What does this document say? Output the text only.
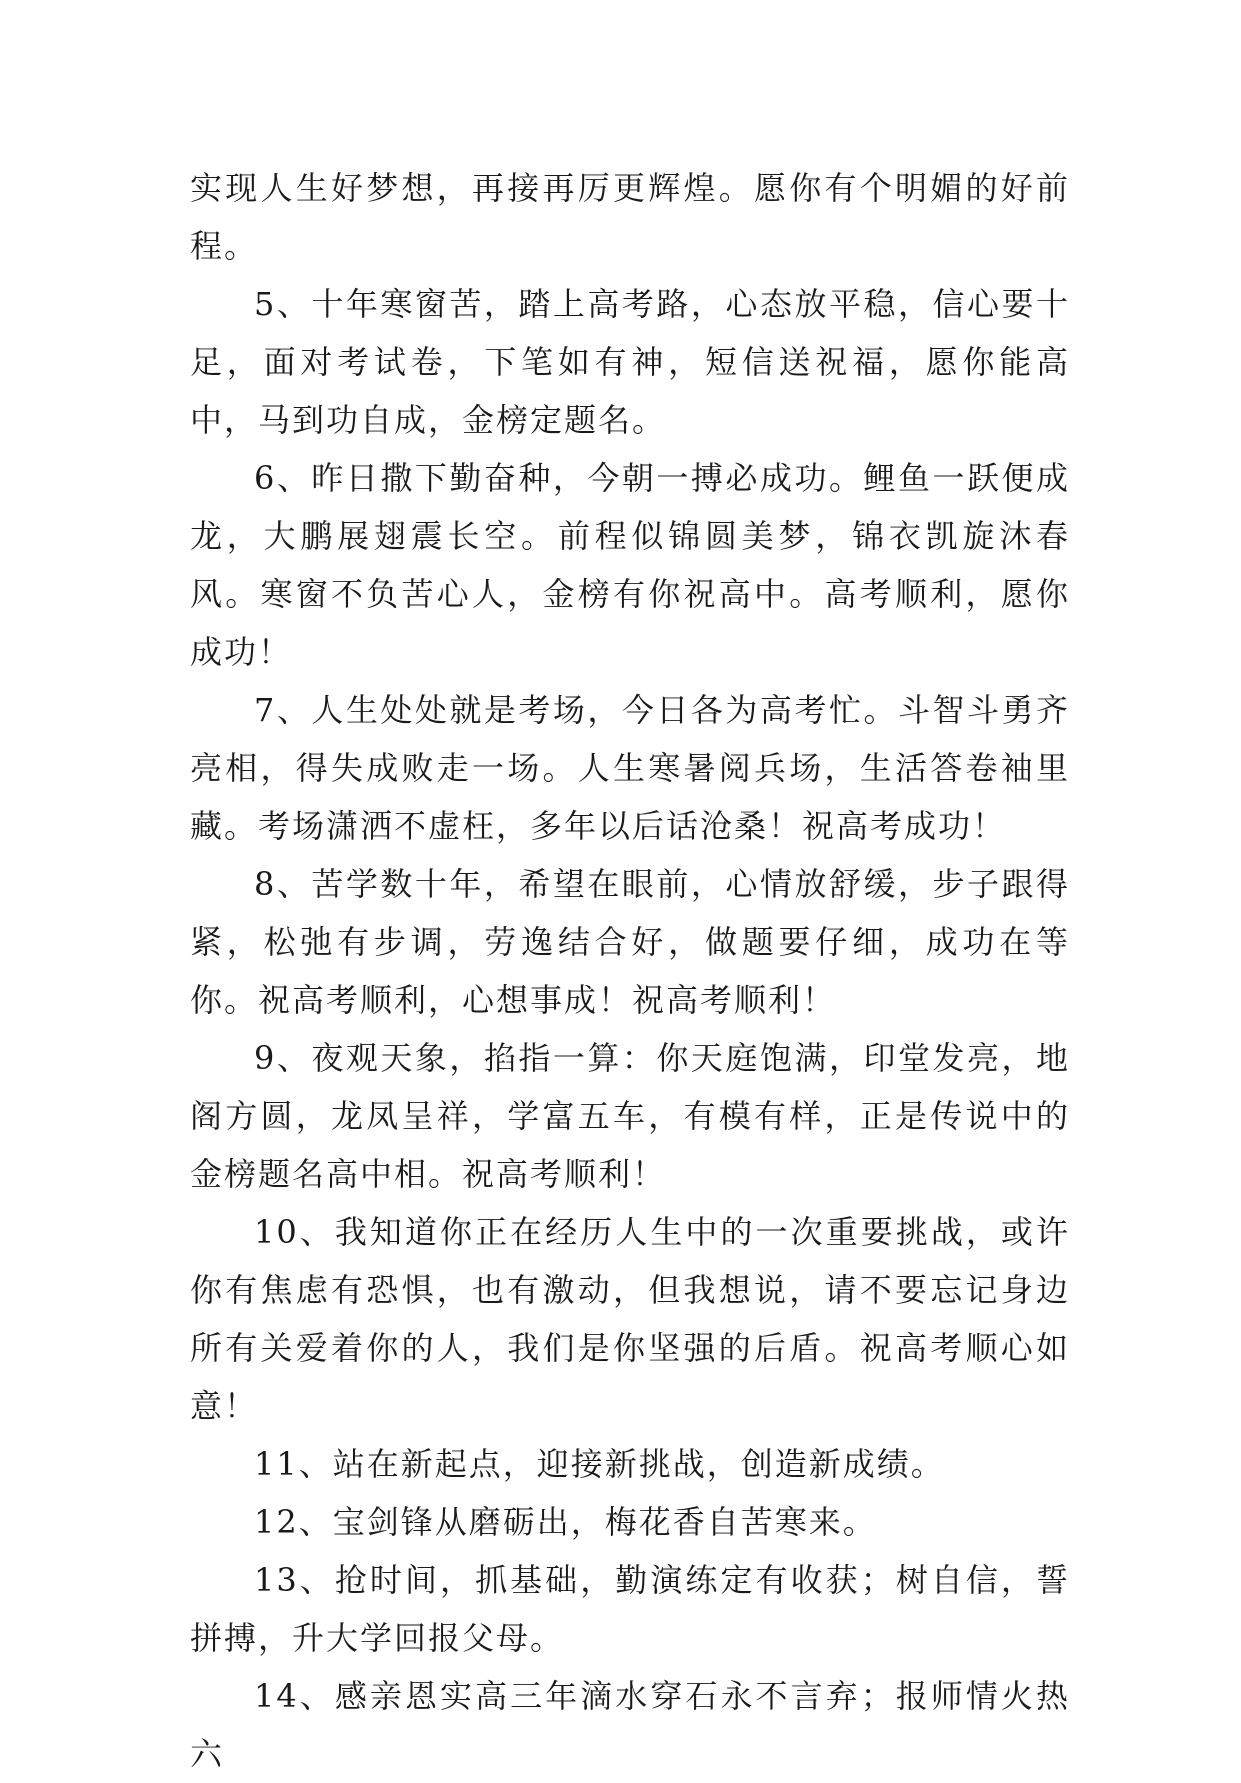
实现人生好梦想，再接再厉更辉煌。愿你有个明媚的好前程。

5、十年寒窗苦，踏上高考路，心态放平稳，信心要十足，面对考试卷，下笔如有神，短信送祝福，愿你能高中，马到功自成，金榜定题名。

6、昨日撒下勤奋种，今朝一搏必成功。鲤鱼一跃便成龙，大鹏展翅震长空。前程似锦圆美梦，锦衣凯旋沐春风。寒窗不负苦心人，金榜有你祝高中。高考顺利，愿你成功！

7、人生处处就是考场，今日各为高考忙。斗智斗勇齐亮相，得失成败走一场。人生寒暑阅兵场，生活答卷袖里藏。考场潇洒不虚枉，多年以后话沧桑！祝高考成功！

8、苦学数十年，希望在眼前，心情放舒缓，步子跟得紧，松弛有步调，劳逸结合好，做题要仔细，成功在等你。祝高考顺利，心想事成！祝高考顺利！

9、夜观天象，掐指一算：你天庭饱满，印堂发亮，地阁方圆，龙凤呈祥，学富五车，有模有样，正是传说中的金榜题名高中相。祝高考顺利！

10、我知道你正在经历人生中的一次重要挑战，或许你有焦虑有恐惧，也有激动，但我想说，请不要忘记身边所有关爱着你的人，我们是你坚强的后盾。祝高考顺心如意！

11、站在新起点，迎接新挑战，创造新成绩。

12、宝剑锋从磨砺出，梅花香自苦寒来。

13、抢时间，抓基础，勤演练定有收获；树自信，誓拼搏，升大学回报父母。

14、感亲恩实高三年滴水穿石永不言弃；报师情火热六
